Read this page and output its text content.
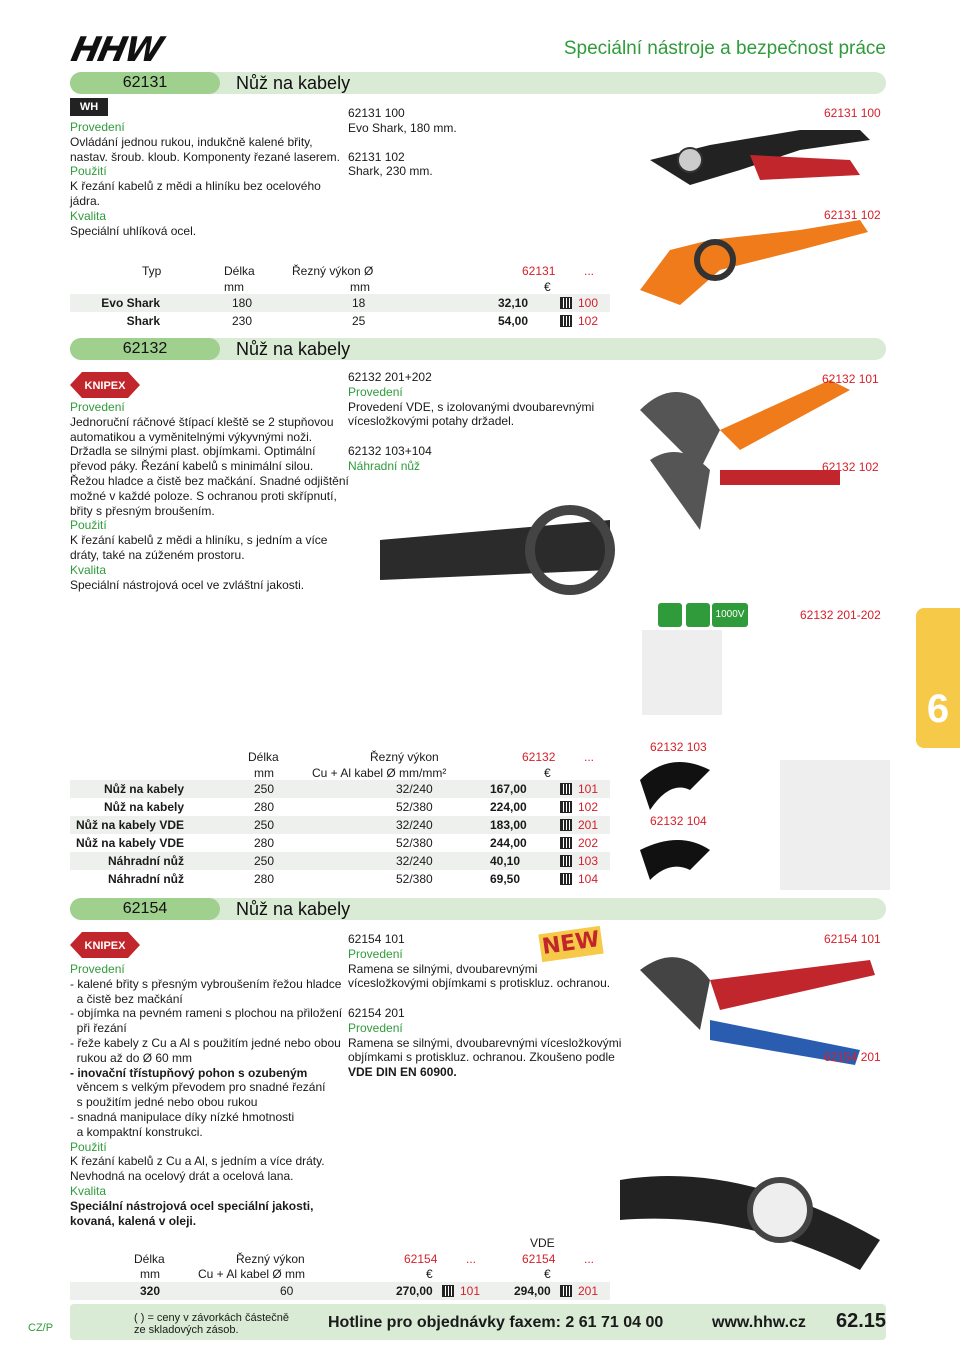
HHW	Speciální nástroje a bezpečnost práce
62131	Nůž na kabely
WH
Provedení
Ovládání jednou rukou, indukčně kalené břity,
nastav. šroub. kloub. Komponenty řezané laserem.
Použití
K řezání kabelů z mědi a hliníku bez ocelového
jádra.
Kvalita
Speciální uhlíková ocel.
62131 100
Evo Shark, 180 mm.
62131 102
Shark, 230 mm.
62131 100
62131 102
Typ	Délka	Řezný výkon Ø	62131 ...
mm	mm	€
Evo Shark	180	18	32,10	100
Shark	230	25	54,00	102
62132	Nůž na kabely
KNIPEX
Provedení
Jednoruční ráčnové štípací kleště se 2 stupňovou
automatikou a vyměnitelnými výkyvnými noži.
Držadla se silnými plast. objímkami. Optimální
převod páky. Řezání kabelů s minimální silou.
Řežou hladce a čistě bez mačkání. Snadné odjištění
možné v každé poloze. S ochranou proti skřípnutí,
břity s přesným broušením.
Použití
K řezání kabelů z mědi a hliníku, s jedním a více
dráty, také na zúženém prostoru.
Kvalita
Speciální nástrojová ocel ve zvláštní jakosti.
62132 201+202
Provedení
Provedení VDE, s izolovanými dvoubarevnými
vícesložkovými potahy držadel.

62132 103+104
Náhradní nůž
62132 101
62132 102
1000V	62132 201-202
6
Délka	Řezný výkon	62132 ...
mm	Cu + Al kabel Ø mm/mm²	€
Nůž na kabely	250	32/240	167,00	101
Nůž na kabely	280	52/380	224,00	102
Nůž na kabely VDE	250	32/240	183,00	201
Nůž na kabely VDE	280	52/380	244,00	202
Náhradní nůž	250	32/240	40,10	103
Náhradní nůž	280	52/380	69,50	104
62132 103
62132 104
62154	Nůž na kabely
KNIPEX
Provedení
- kalené břity s přesným vybroušením řežou hladce
a čistě bez mačkání
- objímka na pevném rameni s plochou na přiložení
při řezání
- řeže kabely z Cu a Al s použitím jedné nebo obou
rukou až do Ø 60 mm
- inovační třístupňový pohon s ozubeným
věncem s velkým převodem pro snadné řezání
s použitím jedné nebo obou rukou
- snadná manipulace díky nízké hmotnosti
a kompaktní konstrukci.
Použití
K řezání kabelů z Cu a Al, s jedním a více dráty.
Nevhodná na ocelový drát a ocelová lana.
Kvalita
Speciální nástrojová ocel speciální jakosti,
kovaná, kalená v oleji.
62154 101
Provedení
Ramena se silnými, dvoubarevnými
vícesložkovými objímkami s protiskluz. ochranou.

62154 201
Provedení
Ramena se silnými, dvoubarevnými vícesložkovými
objímkami s protiskluz. ochranou. Zkoušeno podle
VDE DIN EN 60900.
NEW	62154 101
62154 201
VDE
Délka	Řezný výkon	62154 ...	62154 ...
mm	Cu + Al kabel Ø mm	€	€
320	60	270,00 101	294,00 201
CZ/P
( ) = ceny v závorkách částečně
ze skladových zásob.	Hotline pro objednávky faxem: 2 61 71 04 00	www.hhw.cz 62.15
